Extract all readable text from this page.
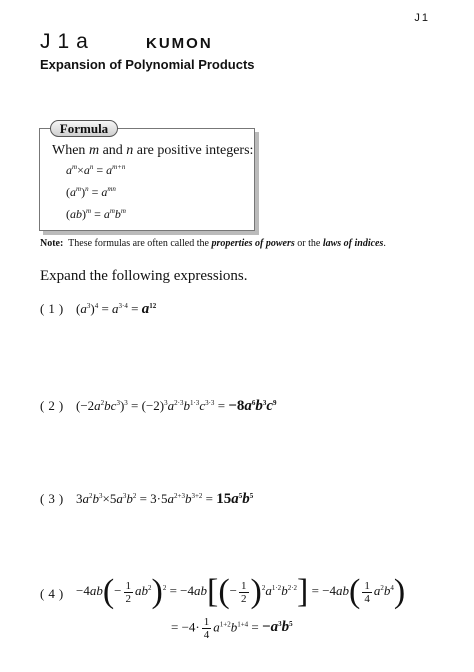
J1
J1a	KUMON
Expansion of Polynomial Products
Formula
When m and n are positive integers:
$a^m\times a^n = a^{m+n}$
$(a^m)^n = a^{mn}$
$(ab)^m = a^mb^m$
Note: These formulas are often called the properties of powers or the laws of indices.
Expand the following expressions.
(1) $(a^3)^4 = a^{3\cdot 4} = a^{12}$
(2) $(-2a^2bc^3)^3 = (-2)^3a^{2\cdot 3}b^{1\cdot 3}c^{3\cdot 3} = -8a^6b^3c^9$
(3) $3a^2b^3\times 5a^3b^2 = 3\cdot 5a^{2+3}b^{3+2} = 15a^5b^5$
$(4) -4ab(- \frac{1}{2} ab^2)^2 = -4ab[(- \frac{1}{2} )^2a^{1\cdot 2}b^{2\cdot 2}] = -4ab( \frac{1}{4} a^2b^4)$
= $-4\cdot \frac{1}{4} a^{1+2}b^{1+4} = -a^3b^5$
